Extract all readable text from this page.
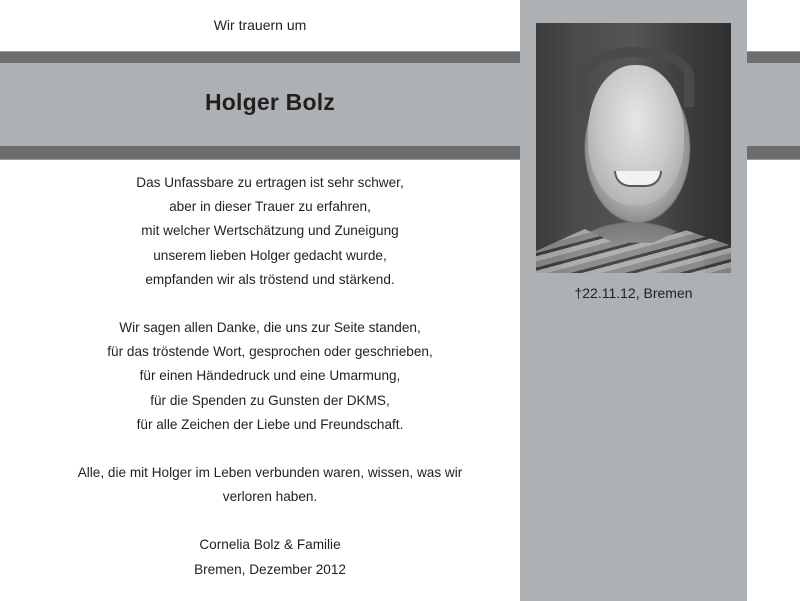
Wir trauern um
Holger Bolz
†22.11.12, Bremen

Das Unfassbare zu ertragen ist sehr schwer,
aber in dieser Trauer zu erfahren,
mit welcher Wertschätzung und Zuneigung
unserem lieben Holger gedacht wurde,
empfanden wir als tröstend und stärkend.

Wir sagen allen Danke, die uns zur Seite standen,
für das tröstende Wort, gesprochen oder geschrieben,
für einen Händedruck und eine Umarmung,
für die Spenden zu Gunsten der DKMS,
für alle Zeichen der Liebe und Freundschaft.

Alle, die mit Holger im Leben verbunden waren, wissen, was wir
verloren haben.

Cornelia Bolz & Familie
Bremen, Dezember 2012
